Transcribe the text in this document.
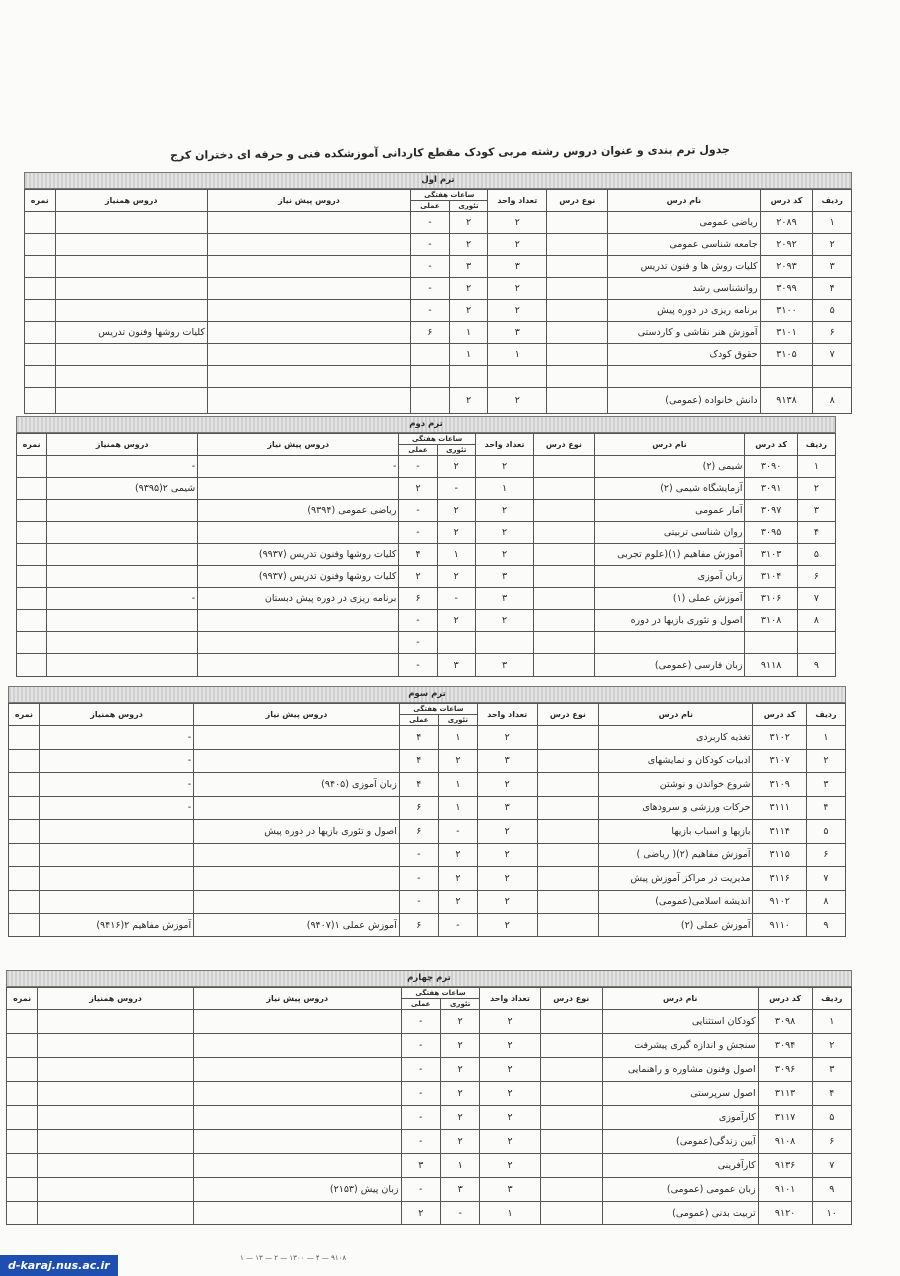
جدول ترم بندی و عنوان دروس رشته مربی کودک مقطع کاردانی آموزشکده فنی و حرفه ای دختران کرج
ترم اول
ردیف	کد درس	نام درس	نوع درس	تعداد واحد	ساعات هفتگی		دروس پیش نیاز	دروس همنیاز	نمره
					تئوری	عملی			
۱	۲۰۸۹	ریاضی عمومی		۲	۲	-			
۲	۲۰۹۲	جامعه شناسی عمومی		۲	۲	-			
۳	۲۰۹۳	کلیات روش ها و فنون تدریس		۳	۳	-			
۴	۳۰۹۹	روانشناسی رشد		۲	۲	-			
۵	۳۱۰۰	برنامه ریزی در دوره پیش		۲	۲	-			
۶	۳۱۰۱	آموزش هنر نقاشی و کاردستی		۳	۱	۶		کلیات روشها وفنون تدریس	
۷	۳۱۰۵	حقوق کودک		۱	۱				

۸	۹۱۳۸	دانش خانواده (عمومی)		۲	۲				
ترم دوم
ردیف	کد درس	نام درس	نوع درس	تعداد واحد	ساعات هفتگی		دروس پیش نیاز	دروس همنیاز	نمره
					تئوری	عملی			
۱	۳۰۹۰	شیمی (۲)		۲	۲	-	-	-	
۲	۳۰۹۱	آزمایشگاه شیمی (۲)		۱	-	۲		شیمی ۲(۹۳۹۵)	
۳	۳۰۹۷	آمار عمومی		۲	۲	-	ریاضی عمومی (۹۳۹۴)		
۴	۳۰۹۵	روان شناسی تربیتی		۲	۲	-			
۵	۳۱۰۳	آموزش مفاهیم (۱)(علوم تجربی		۲	۱	۴	کلیات روشها وفنون تدریس (۹۹۳۷)		
۶	۳۱۰۴	زبان آموزی		۳	۲	۲	کلیات روشها وفنون تدریس (۹۹۳۷)		
۷	۳۱۰۶	آموزش عملی (۱)		۳	-	۶	برنامه ریزی در دوره پیش دبستان	-	
۸	۳۱۰۸	اصول و تئوری بازیها در دوره		۲	۲	-			
						-			
۹	۹۱۱۸	زبان فارسی (عمومی)		۳	۳	-			
ترم سوم
ردیف	کد درس	نام درس	نوع درس	تعداد واحد	ساعات هفتگی		دروس پیش نیاز	دروس همنیاز	نمره
					تئوری	عملی			
۱	۳۱۰۲	تغذیه کاربردی		۲	۱	۴		-	
۲	۳۱۰۷	ادبیات کودکان و نمایشهای		۳	۲	۴		-	
۳	۳۱۰۹	شروع خواندن و نوشتن		۲	۱	۴	زبان آموزی (۹۴۰۵)	-	
۴	۳۱۱۱	حرکات ورزشی و سرودهای		۳	۱	۶		-	
۵	۳۱۱۴	بازیها و اسباب بازیها		۲	-	۶	اصول و تئوری بازیها در دوره پیش		
۶	۳۱۱۵	آموزش مفاهیم (۲)( ریاضی )		۲	۲	-			
۷	۳۱۱۶	مدیریت در مراکز آموزش پیش		۲	۲	-			
۸	۹۱۰۲	اندیشه اسلامی(عمومی)		۲	۲	-			
۹	۹۱۱۰	آموزش عملی (۲)		۲	-	۶	آموزش عملی ۱(۹۴۰۷)	آموزش مفاهیم ۲(۹۴۱۶)	
ترم چهارم
ردیف	کد درس	نام درس	نوع درس	تعداد واحد	ساعات هفتگی		دروس پیش نیاز	دروس همنیاز	نمره
					تئوری	عملی			
۱	۳۰۹۸	کودکان استثنایی		۲	۲	-			
۲	۳۰۹۴	سنجش و اندازه گیری پیشرفت		۲	۲	-			
۳	۳۰۹۶	اصول وفنون مشاوره و راهنمایی		۲	۲	-			
۴	۳۱۱۳	اصول سرپرستی		۲	۲	-			
۵	۳۱۱۷	کارآموزی		۲	۲	-			
۶	۹۱۰۸	آیین زندگی(عمومی)		۲	۲	-			
۷	۹۱۳۶	کارآفرینی		۲	۱	۳			
۹	۹۱۰۱	زبان عمومی (عمومی)		۳	۳	-	زبان پیش (۲۱۵۳)		
۱۰	۹۱۲۰	تربیت بدنی (عمومی)		۱	-	۲			
۹۱۰۸ — ۴ — ۱۳۰۰ — ۲ — ۱۳ — ۱
d-karaj.nus.ac.ir
